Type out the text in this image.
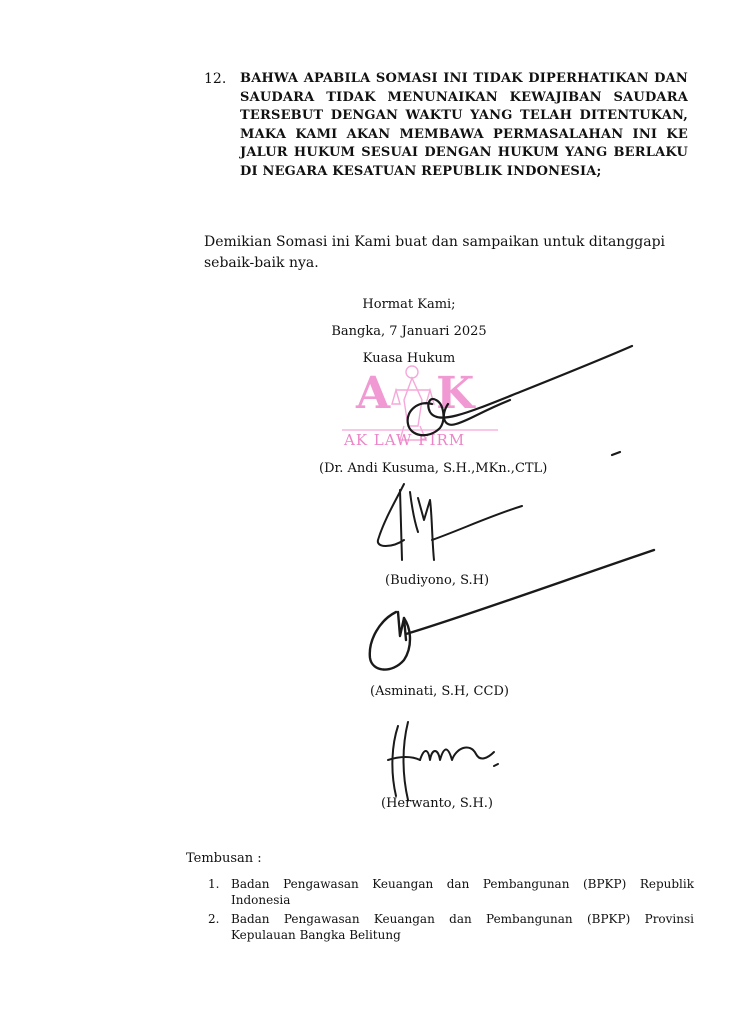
12. BAHWA APABILA SOMASI INI TIDAK DIPERHATIKAN DAN SAUDARA TIDAK MENUNAIKAN KEWAJIBAN SAUDARA TERSEBUT DENGAN WAKTU YANG TELAH DITENTUKAN, MAKA KAMI AKAN MEMBAWA PERMASALAHAN INI KE JALUR HUKUM SESUAI DENGAN HUKUM YANG BERLAKU DI NEGARA KESATUAN REPUBLIK INDONESIA;
Demikian Somasi ini Kami buat dan sampaikan untuk ditanggapi sebaik-baik nya.
Hormat Kami;
Bangka, 7 Januari 2025
Kuasa Hukum
AK
AK LAW FIRM
(Dr. Andi Kusuma, S.H.,MKn.,CTL)
(Budiyono, S.H)
(Asminati, S.H, CCD)
(Herwanto, S.H.)
Tembusan :
1. Badan Pengawasan Keuangan dan Pembangunan (BPKP) Republik Indonesia
2. Badan Pengawasan Keuangan dan Pembangunan (BPKP) Provinsi Kepulauan Bangka Belitung
